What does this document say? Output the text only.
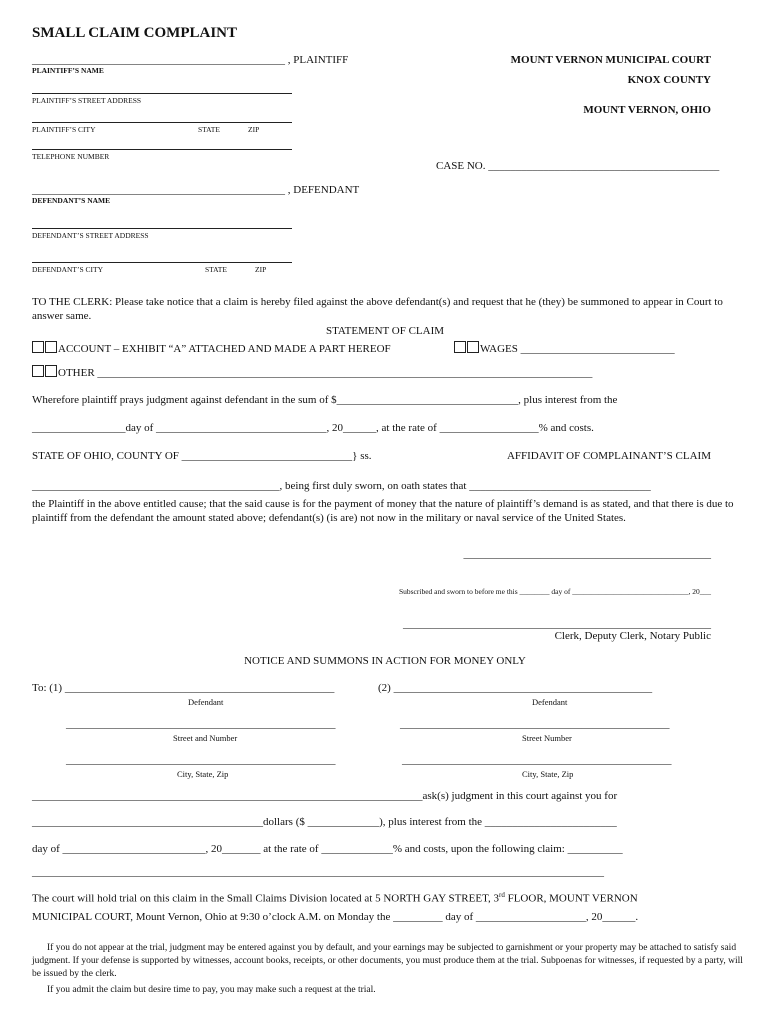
SMALL CLAIM COMPLAINT
______________________________________________ , PLAINTIFF
PLAINTIFF’S NAME
PLAINTIFF’S STREET ADDRESS
PLAINTIFF’S CITY	STATE	ZIP
TELEPHONE NUMBER
MOUNT VERNON MUNICIPAL COURT
KNOX COUNTY
MOUNT VERNON, OHIO
CASE NO. __________________________________________
______________________________________________ , DEFENDANT
DEFENDANT’S NAME
DEFENDANT’S STREET ADDRESS
DEFENDANT’S CITY	STATE	ZIP
TO THE CLERK: Please take notice that a claim is hereby filed against the above defendant(s) and request that he (they) be summoned to appear in Court to answer same.
STATEMENT OF CLAIM
ACCOUNT – EXHIBIT “A” ATTACHED AND MADE A PART HEREOF	WAGES ____________________________
OTHER __________________________________________________________________________________________
Wherefore plaintiff prays judgment against defendant in the sum of $_________________________________, plus interest from the
_________________day of _______________________________, 20______, at the rate of __________________% and costs.
STATE OF OHIO, COUNTY OF _______________________________} ss.	AFFIDAVIT OF COMPLAINANT’S CLAIM
_____________________________________________, being first duly sworn, on oath states that _________________________________
the Plaintiff in the above entitled cause; that the said cause is for the payment of money that the nature of plaintiff’s demand is as stated, and that there is due to plaintiff from the defendant the amount stated above; defendant(s) (is are) not now in the military or naval service of the United States.
_____________________________________________
Subscribed and sworn to before me this ________ day of _______________________________, 20___
________________________________________________________
Clerk, Deputy Clerk, Notary Public
NOTICE AND SUMMONS IN ACTION FOR MONEY ONLY
To: (1) _________________________________________________	(2) _______________________________________________
Defendant	Defendant
_________________________________________________	_________________________________________________
Street and Number	Street Number
_________________________________________________	_________________________________________________
City, State, Zip	City, State, Zip
_______________________________________________________________________ask(s) judgment in this court against you for
__________________________________________dollars ($ _____________), plus interest from the ________________________
day of __________________________, 20_______ at the rate of _____________% and costs, upon the following claim: __________
________________________________________________________________________________________________________
The court will hold trial on this claim in the Small Claims Division located at 5 NORTH GAY STREET, 3rd FLOOR, MOUNT VERNON
MUNICIPAL COURT, Mount Vernon, Ohio at 9:30 o’clock A.M. on Monday the _________ day of ____________________, 20______.
If you do not appear at the trial, judgment may be entered against you by default, and your earnings may be subjected to garnishment or your property may be attached to satisfy said judgment. If your defense is supported by witnesses, account books, receipts, or other documents, you must produce them at the trial. Subpoenas for witnesses, if requested by a party, will be issued by the clerk.
If you admit the claim but desire time to pay, you may make such a request at the trial.
